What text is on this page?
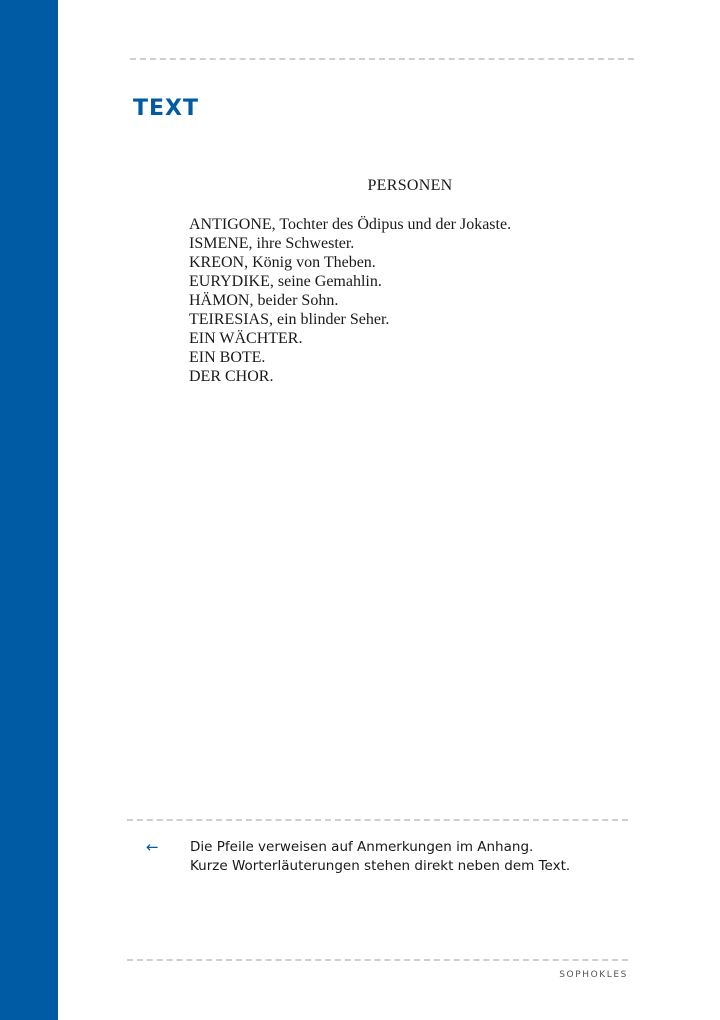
TEXT
PERSONEN
ANTIGONE, Tochter des Ödipus und der Jokaste.
ISMENE, ihre Schwester.
KREON, König von Theben.
EURYDIKE, seine Gemahlin.
HÄMON, beider Sohn.
TEIRESIAS, ein blinder Seher.
EIN WÄCHTER.
EIN BOTE.
DER CHOR.
← Die Pfeile verweisen auf Anmerkungen im Anhang.
Kurze Worterläuterungen stehen direkt neben dem Text.

SOPHOKLES
